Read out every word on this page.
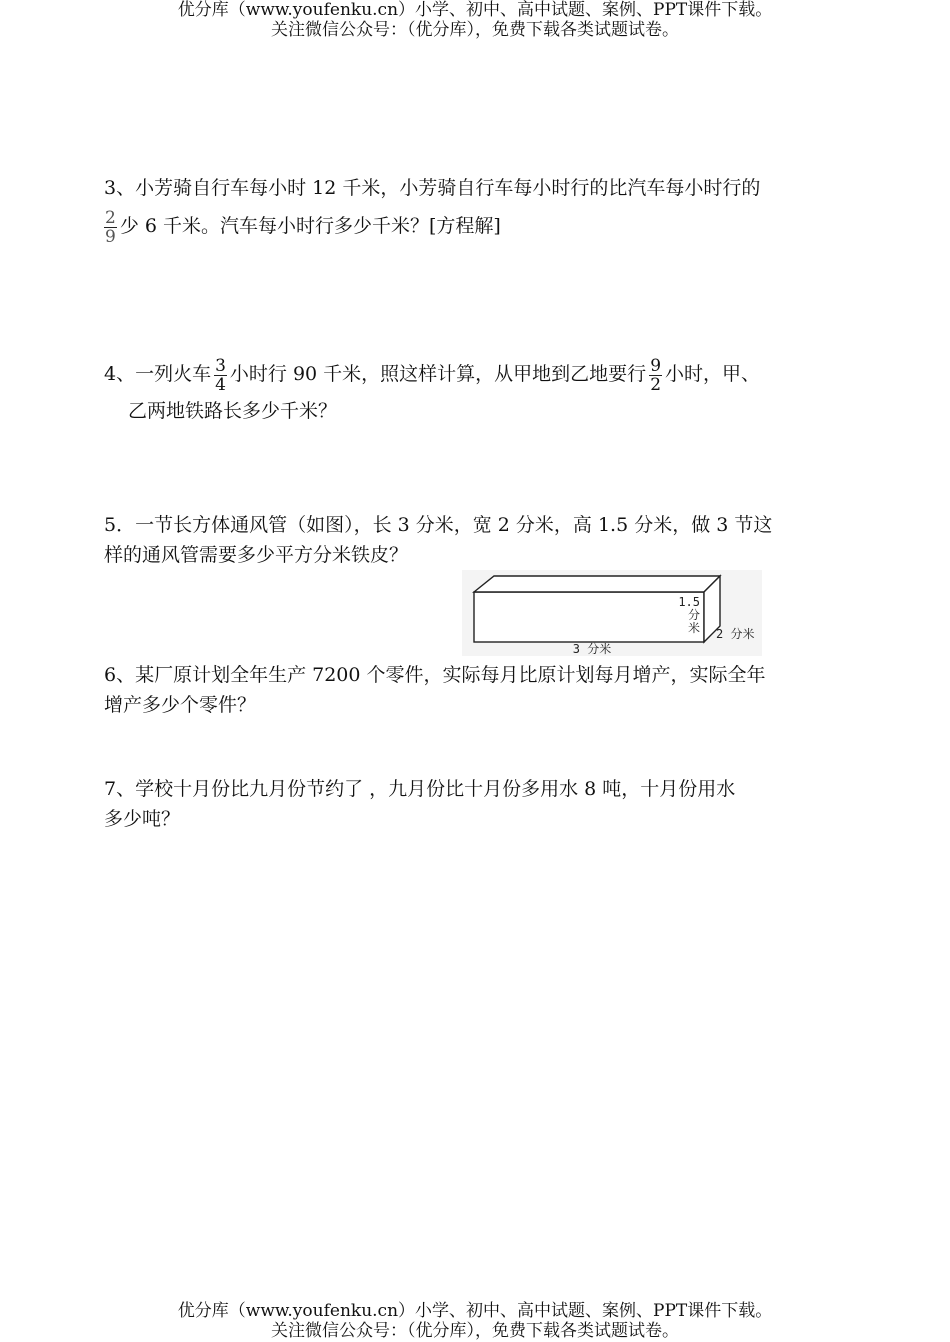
优分库（www.youfenku.cn）小学、初中、高中试题、案例、PPT课件下载。
关注微信公众号：（优分库），免费下载各类试题试卷。
3、小芳骑自行车每小时 12 千米，小芳骑自行车每小时行的比汽车每小时行的
$\frac{2}{9}$ 少 6 千米。汽车每小时行多少千米？[方程解]
4、一列火车 $\frac{3}{4}$ 小时行 90 千米，照这样计算，从甲地到乙地要行 $\frac{9}{2}$ 小时，甲、
乙两地铁路长多少千米？
5．一节长方体通风管（如图），长 3 分米，宽 2 分米，高 1.5 分米，做 3 节这
样的通风管需要多少平方分米铁皮？
1.5
分
米
3 分米
2 分米
6、某厂原计划全年生产 7200 个零件，实际每月比原计划每月增产，实际全年
增产多少个零件？
7、学校十月份比九月份节约了 ，九月份比十月份多用水 8 吨，十月份用水
多少吨？
优分库（www.youfenku.cn）小学、初中、高中试题、案例、PPT课件下载。
关注微信公众号：（优分库），免费下载各类试题试卷。
